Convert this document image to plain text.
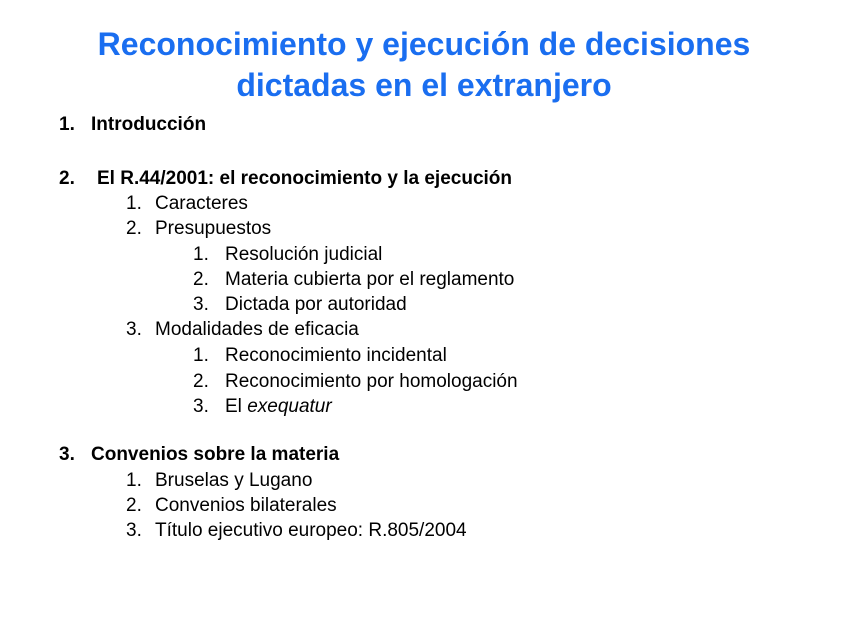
Reconocimiento y ejecución de decisiones
dictadas en el extranjero
1. Introducción
2. El R.44/2001: el reconocimiento y la ejecución
1. Caracteres
2. Presupuestos
1. Resolución judicial
2. Materia cubierta por el reglamento
3. Dictada por autoridad
3. Modalidades de eficacia
1. Reconocimiento incidental
2. Reconocimiento por homologación
3. El exequatur
3. Convenios sobre la materia
1. Bruselas y Lugano
2. Convenios bilaterales
3. Título ejecutivo europeo: R.805/2004
